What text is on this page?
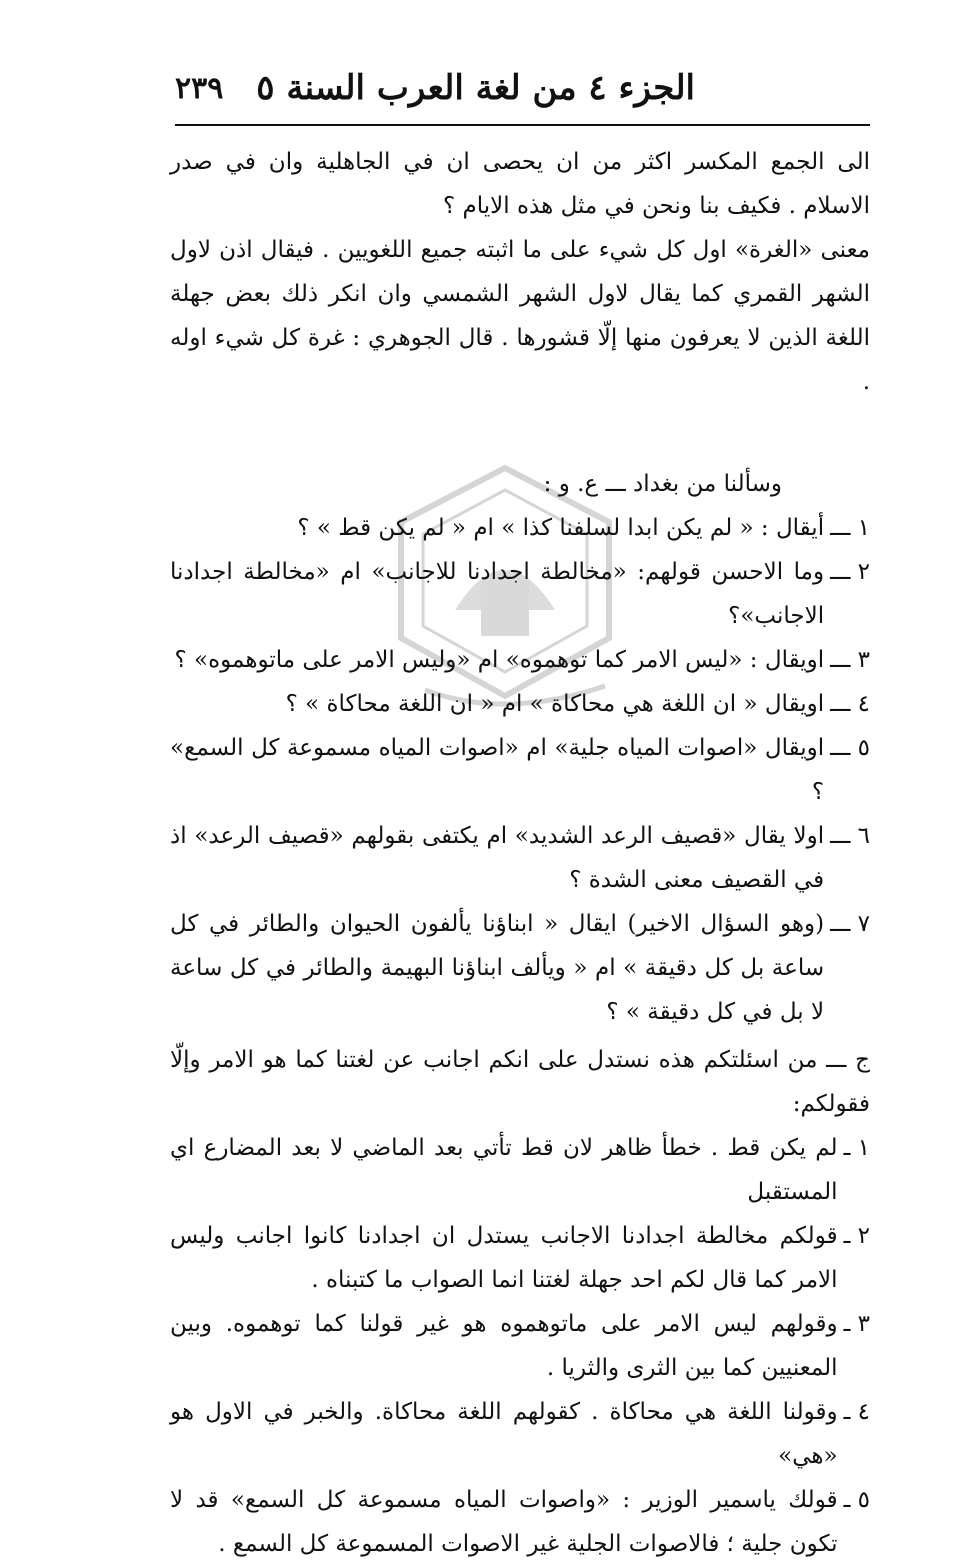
الجزء ٤ من لغة العرب السنة ٥
٢٣٩

الى الجمع المكسر اكثر من ان يحصى ان في الجاهلية وان في صدر الاسلام . فكيف بنا ونحن في مثل هذه الايام ؟

معنى «الغرة» اول كل شيء على ما اثبته جميع اللغويين . فيقال اذن لاول الشهر القمري كما يقال لاول الشهر الشمسي وان انكر ذلك بعض جهلة اللغة الذين لا يعرفون منها إلّا قشورها . قال الجوهري : غرة كل شيء اوله .

وسألنا من بغداد ـــ ع. و :

١ ـــ
أيقال : « لم يكن ابدا لسلفنا كذا » ام « لم يكن قط » ؟
٢ ـــ
وما الاحسن قولهم: «مخالطة اجدادنا للاجانب» ام «مخالطة اجدادنا الاجانب»؟
٣ ـــ
اويقال : «ليس الامر كما توهموه» ام «وليس الامر على ماتوهموه» ؟
٤ ـــ
اويقال « ان اللغة هي محاكاة » ام « ان اللغة محاكاة » ؟
٥ ـــ
اويقال «اصوات المياه جلية» ام «اصوات المياه مسموعة كل السمع» ؟
٦ ـــ
اولا يقال «قصيف الرعد الشديد» ام يكتفى بقولهم «قصيف الرعد» اذ في القصيف معنى الشدة ؟
٧ ـــ
(وهو السؤال الاخير) ايقال « ابناؤنا يألفون الحيوان والطائر في كل ساعة بل كل دقيقة » ام « ويألف ابناؤنا البهيمة والطائر في كل ساعة لا بل في كل دقيقة » ؟

ج ـــ من اسئلتكم هذه نستدل على انكم اجانب عن لغتنا كما هو الامر وإلّا فقولكم:

١ ـ
لم يكن قط . خطأ ظاهر لان قط تأتي بعد الماضي لا بعد المضارع اي المستقبل
٢ ـ
قولكم مخالطة اجدادنا الاجانب يستدل ان اجدادنا كانوا اجانب وليس الامر كما قال لكم احد جهلة لغتنا انما الصواب ما كتبناه .
٣ ـ
وقولهم ليس الامر على ماتوهموه هو غير قولنا كما توهموه. وبين المعنيين كما بين الثرى والثريا .
٤ ـ
وقولنا اللغة هي محاكاة . كقولهم اللغة محاكاة. والخبر في الاول هو «هي»
٥ ـ
قولك ياسمير الوزير : «واصوات المياه مسموعة كل السمع» قد لا تكون جلية ؛ فالاصوات الجلية غير الاصوات المسموعة كل السمع .
